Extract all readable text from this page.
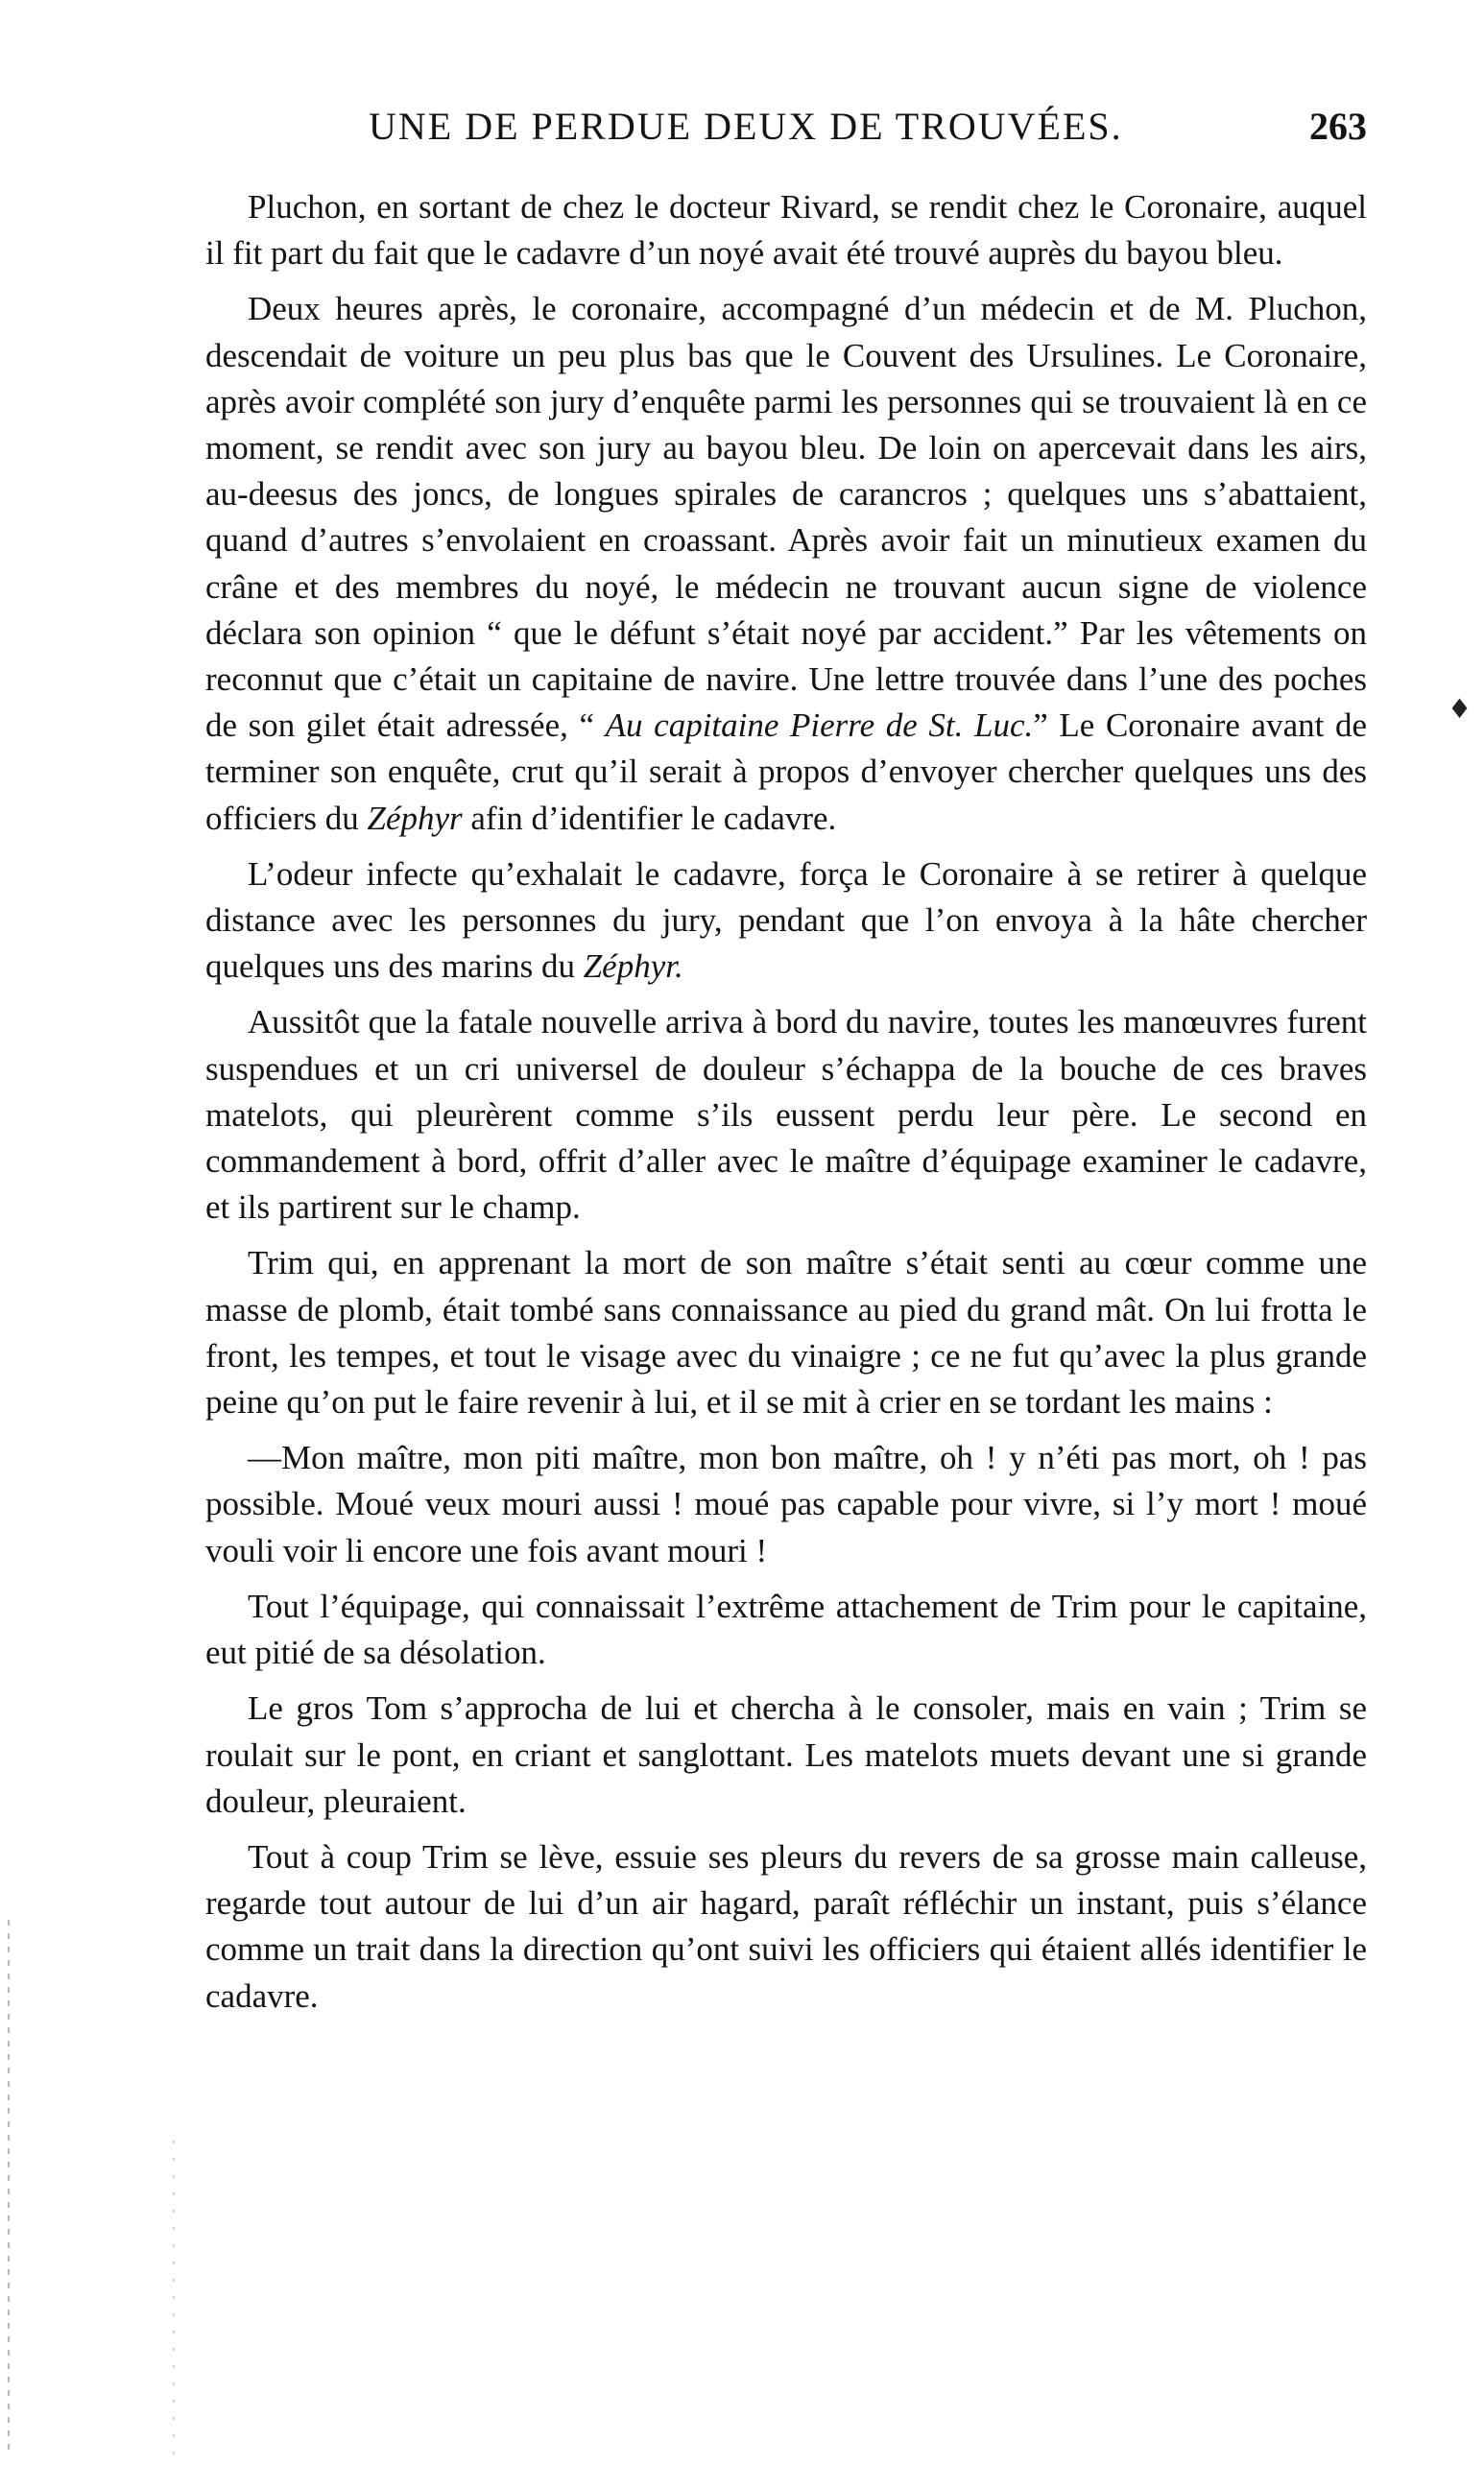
UNE DE PERDUE DEUX DE TROUVÉES.	263

Pluchon, en sortant de chez le docteur Rivard, se rendit chez le Coronaire, auquel il fit part du fait que le cadavre d’un noyé avait été trouvé auprès du bayou bleu.

Deux heures après, le coronaire, accompagné d’un médecin et de M. Pluchon, descendait de voiture un peu plus bas que le Couvent des Ursulines. Le Coronaire, après avoir complété son jury d’enquête parmi les personnes qui se trouvaient là en ce moment, se rendit avec son jury au bayou bleu. De loin on apercevait dans les airs, au-deesus des joncs, de longues spirales de carancros ; quelques uns s’abattaient, quand d’autres s’envolaient en croassant. Après avoir fait un minutieux examen du crâne et des membres du noyé, le médecin ne trouvant aucun signe de violence déclara son opinion “ que le défunt s’était noyé par accident.” Par les vêtements on reconnut que c’était un capitaine de navire. Une lettre trouvée dans l’une des poches de son gilet était adressée, “ Au capitaine Pierre de St. Luc.” Le Coronaire avant de terminer son enquête, crut qu’il serait à propos d’envoyer chercher quelques uns des officiers du Zéphyr afin d’identifier le cadavre.

L’odeur infecte qu’exhalait le cadavre, força le Coronaire à se retirer à quelque distance avec les personnes du jury, pendant que l’on envoya à la hâte chercher quelques uns des marins du Zéphyr.

Aussitôt que la fatale nouvelle arriva à bord du navire, toutes les manœuvres furent suspendues et un cri universel de douleur s’échappa de la bouche de ces braves matelots, qui pleurèrent comme s’ils eussent perdu leur père. Le second en commandement à bord, offrit d’aller avec le maître d’équipage examiner le cadavre, et ils partirent sur le champ.

Trim qui, en apprenant la mort de son maître s’était senti au cœur comme une masse de plomb, était tombé sans connaissance au pied du grand mât. On lui frotta le front, les tempes, et tout le visage avec du vinaigre ; ce ne fut qu’avec la plus grande peine qu’on put le faire revenir à lui, et il se mit à crier en se tordant les mains :

—Mon maître, mon piti maître, mon bon maître, oh ! y n’éti pas mort, oh ! pas possible. Moué veux mouri aussi ! moué pas capable pour vivre, si l’y mort ! moué vouli voir li encore une fois avant mouri !

Tout l’équipage, qui connaissait l’extrême attachement de Trim pour le capitaine, eut pitié de sa désolation.

Le gros Tom s’approcha de lui et chercha à le consoler, mais en vain ; Trim se roulait sur le pont, en criant et sanglottant. Les matelots muets devant une si grande douleur, pleuraient.

Tout à coup Trim se lève, essuie ses pleurs du revers de sa grosse main calleuse, regarde tout autour de lui d’un air hagard, paraît réfléchir un instant, puis s’élance comme un trait dans la direction qu’ont suivi les officiers qui étaient allés identifier le cadavre.

♦
